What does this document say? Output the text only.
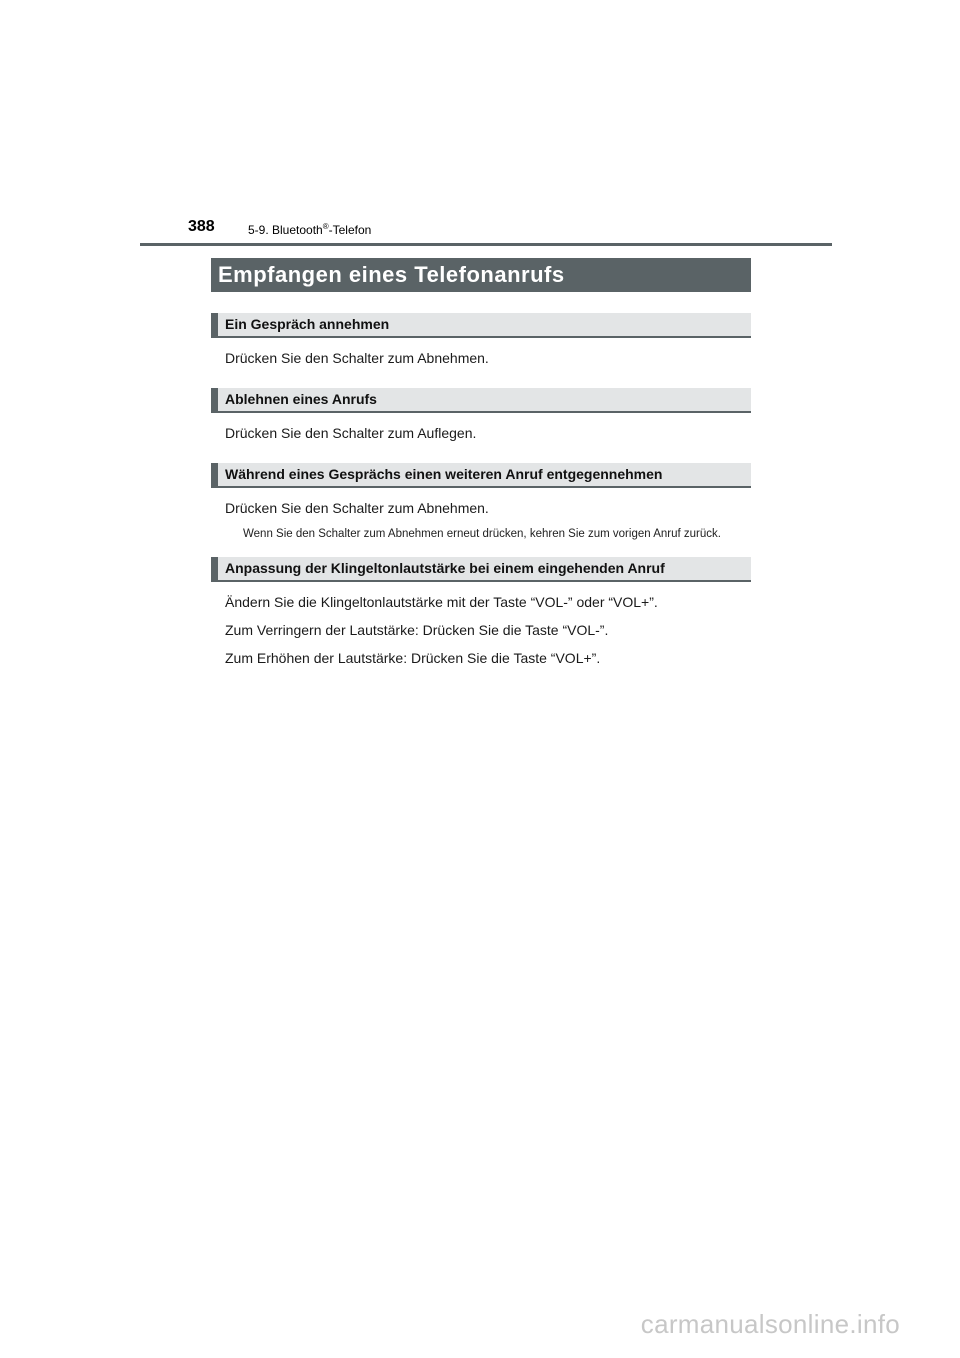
388	5-9. Bluetooth®-Telefon
Empfangen eines Telefonanrufs
Ein Gespräch annehmen

Drücken Sie den Schalter zum Abnehmen.

Ablehnen eines Anrufs

Drücken Sie den Schalter zum Auflegen.

Während eines Gesprächs einen weiteren Anruf entgegennehmen

Drücken Sie den Schalter zum Abnehmen.

Wenn Sie den Schalter zum Abnehmen erneut drücken, kehren Sie zum vorigen Anruf zurück.

Anpassung der Klingeltonlautstärke bei einem eingehenden Anruf

Ändern Sie die Klingeltonlautstärke mit der Taste “VOL-” oder “VOL+”.

Zum Verringern der Lautstärke: Drücken Sie die Taste “VOL-”.

Zum Erhöhen der Lautstärke: Drücken Sie die Taste “VOL+”.

carmanualsonline.info
